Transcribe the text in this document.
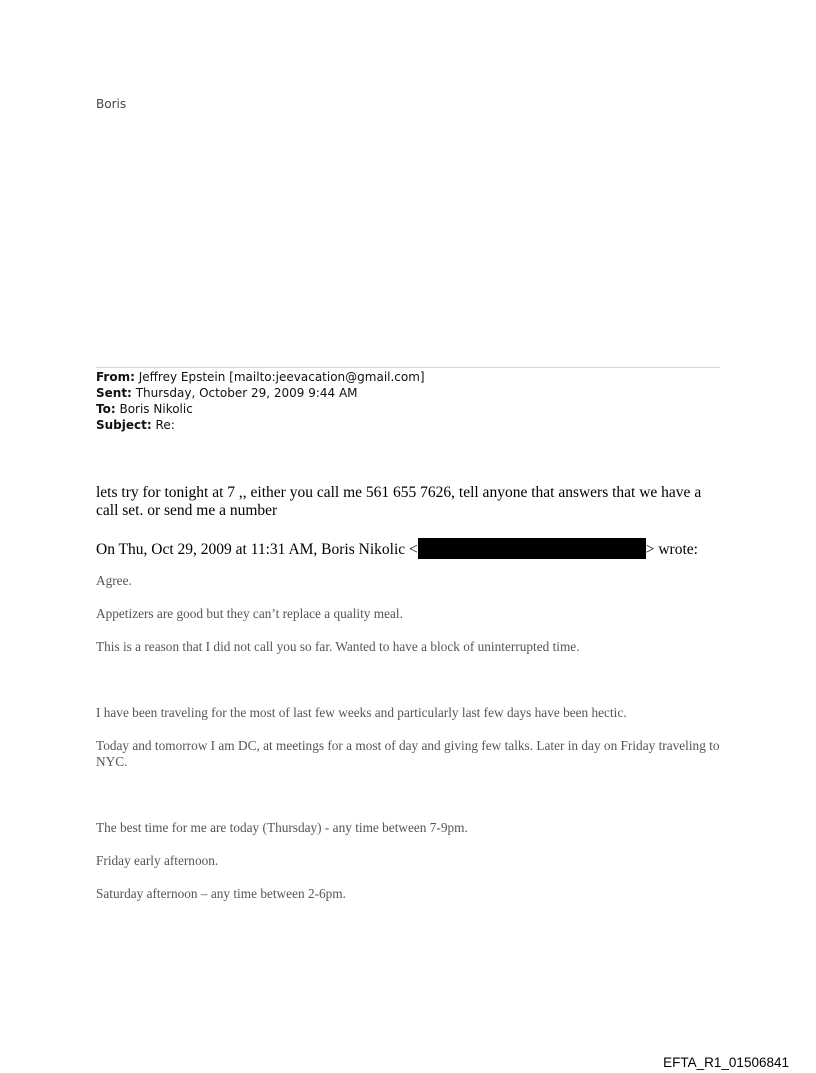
Boris
From: Jeffrey Epstein [mailto:jeevacation@gmail.com]
Sent: Thursday, October 29, 2009 9:44 AM
To: Boris Nikolic
Subject: Re:
lets try for tonight at 7 ,, either you call me 561 655 7626, tell anyone that answers that we have a call set. or send me a number
On Thu, Oct 29, 2009 at 11:31 AM, Boris Nikolic <	> wrote:
Agree.
Appetizers are good but they can’t replace a quality meal.
This is a reason that I did not call you so far. Wanted to have a block of uninterrupted time.
I have been traveling for the most of last few weeks and particularly last few days have been hectic.
Today and tomorrow I am DC, at meetings for a most of day and giving few talks. Later in day on Friday traveling to NYC.
The best time for me are today (Thursday) - any time between 7-9pm.
Friday early afternoon.
Saturday afternoon – any time between 2-6pm.
EFTA_R1_01506841
